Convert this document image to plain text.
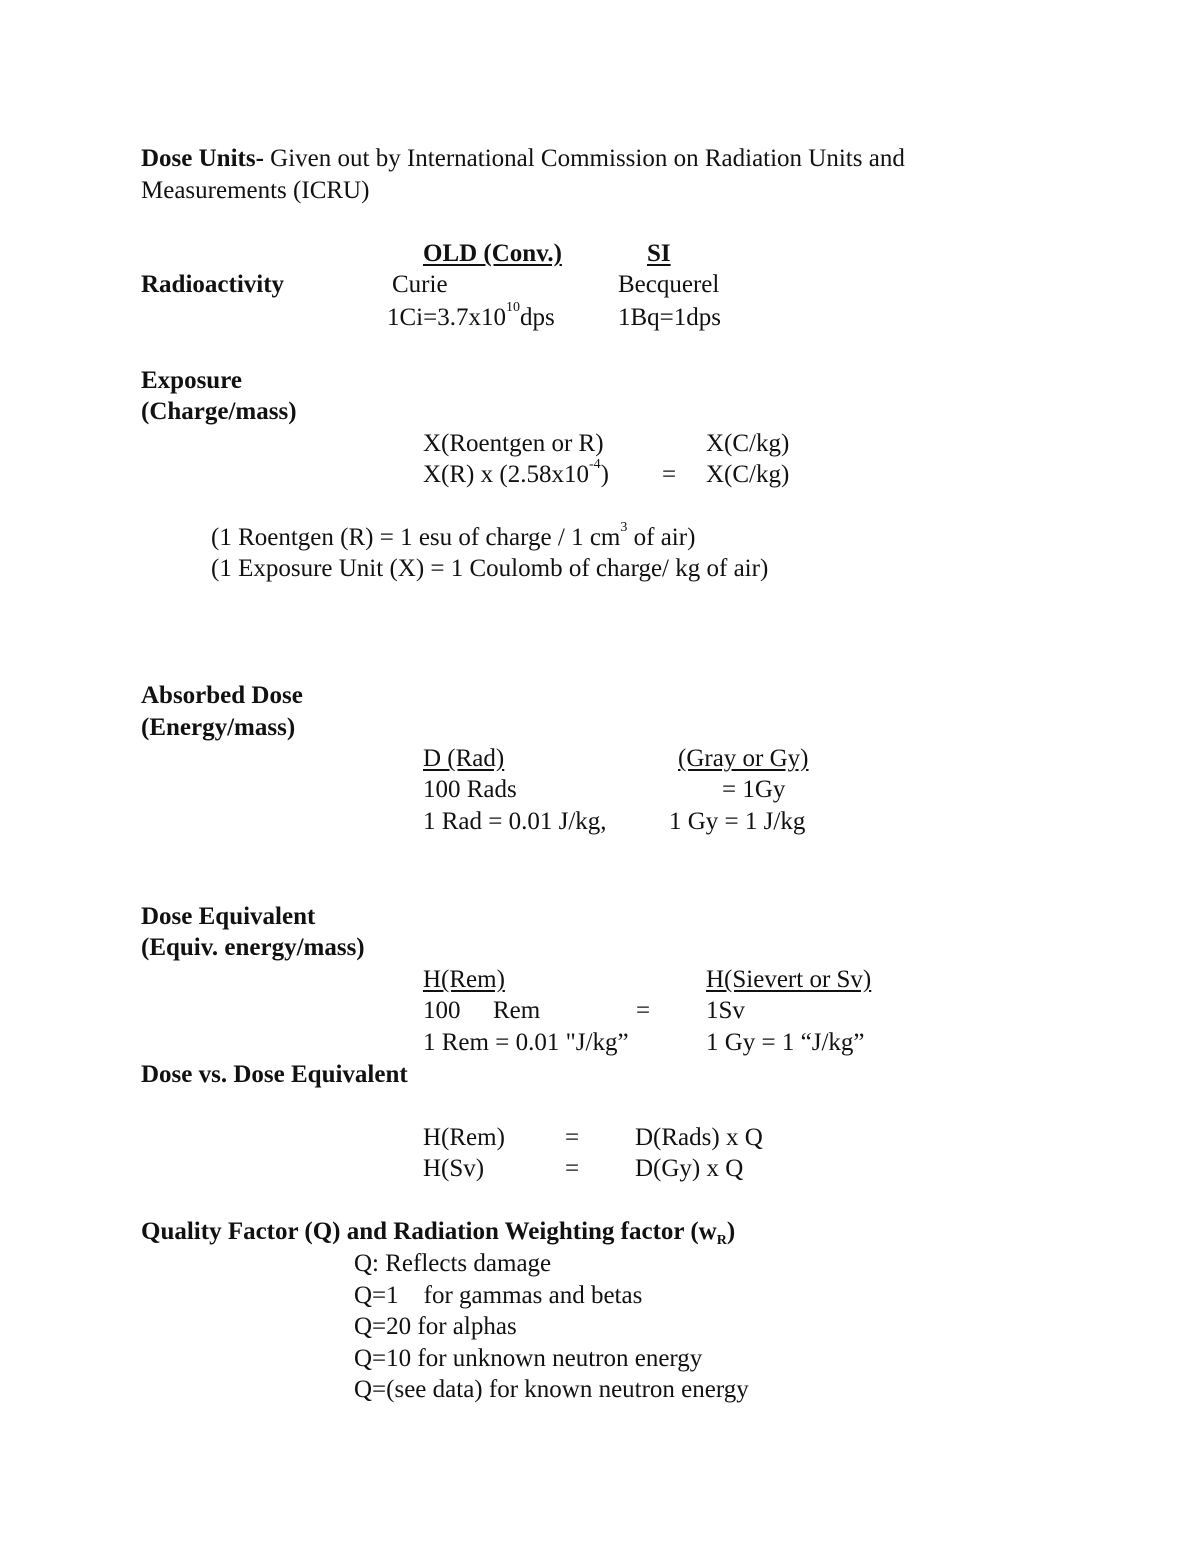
Dose Units- Given out by International Commission on Radiation Units and
Measurements (ICRU)
OLD (Conv.)	SI
Radioactivity	Curie	Becquerel
$1Ci=3.7x10^{10}dps$	1Bq=1dps
Exposure
(Charge/mass)
X(Roentgen or R)	X(C/kg)
X(R) x $(2.58x10^{-4}) = X(C/kg)$
(1 Roentgen (R) = 1 esu of charge / 1 $cm^3$ of air)
(1 Exposure Unit (X) = 1 Coulomb of charge/ kg of air)
Absorbed Dose
(Energy/mass)
D (Rad)	(Gray or Gy)
100 Rads	= 1Gy
1 Rad = 0.01 J/kg, 1 Gy = 1 J/kg
Dose Equivalent
(Equiv. energy/mass)
H(Rem)	H(Sievert or Sv)
100 Rem	= 1Sv
1 Rem = 0.01 "J/kg”	1 Gy = 1 “J/kg”
Dose vs. Dose Equivalent
H(Rem) = D(Rads) x Q
H(Sv)	= D(Gy) x Q
Quality Factor (Q) and Radiation Weighting factor $(w_R)$
Q: Reflects damage
Q=1    for gammas and betas
Q=20 for alphas
Q=10 for unknown neutron energy
Q=(see data) for known neutron energy
